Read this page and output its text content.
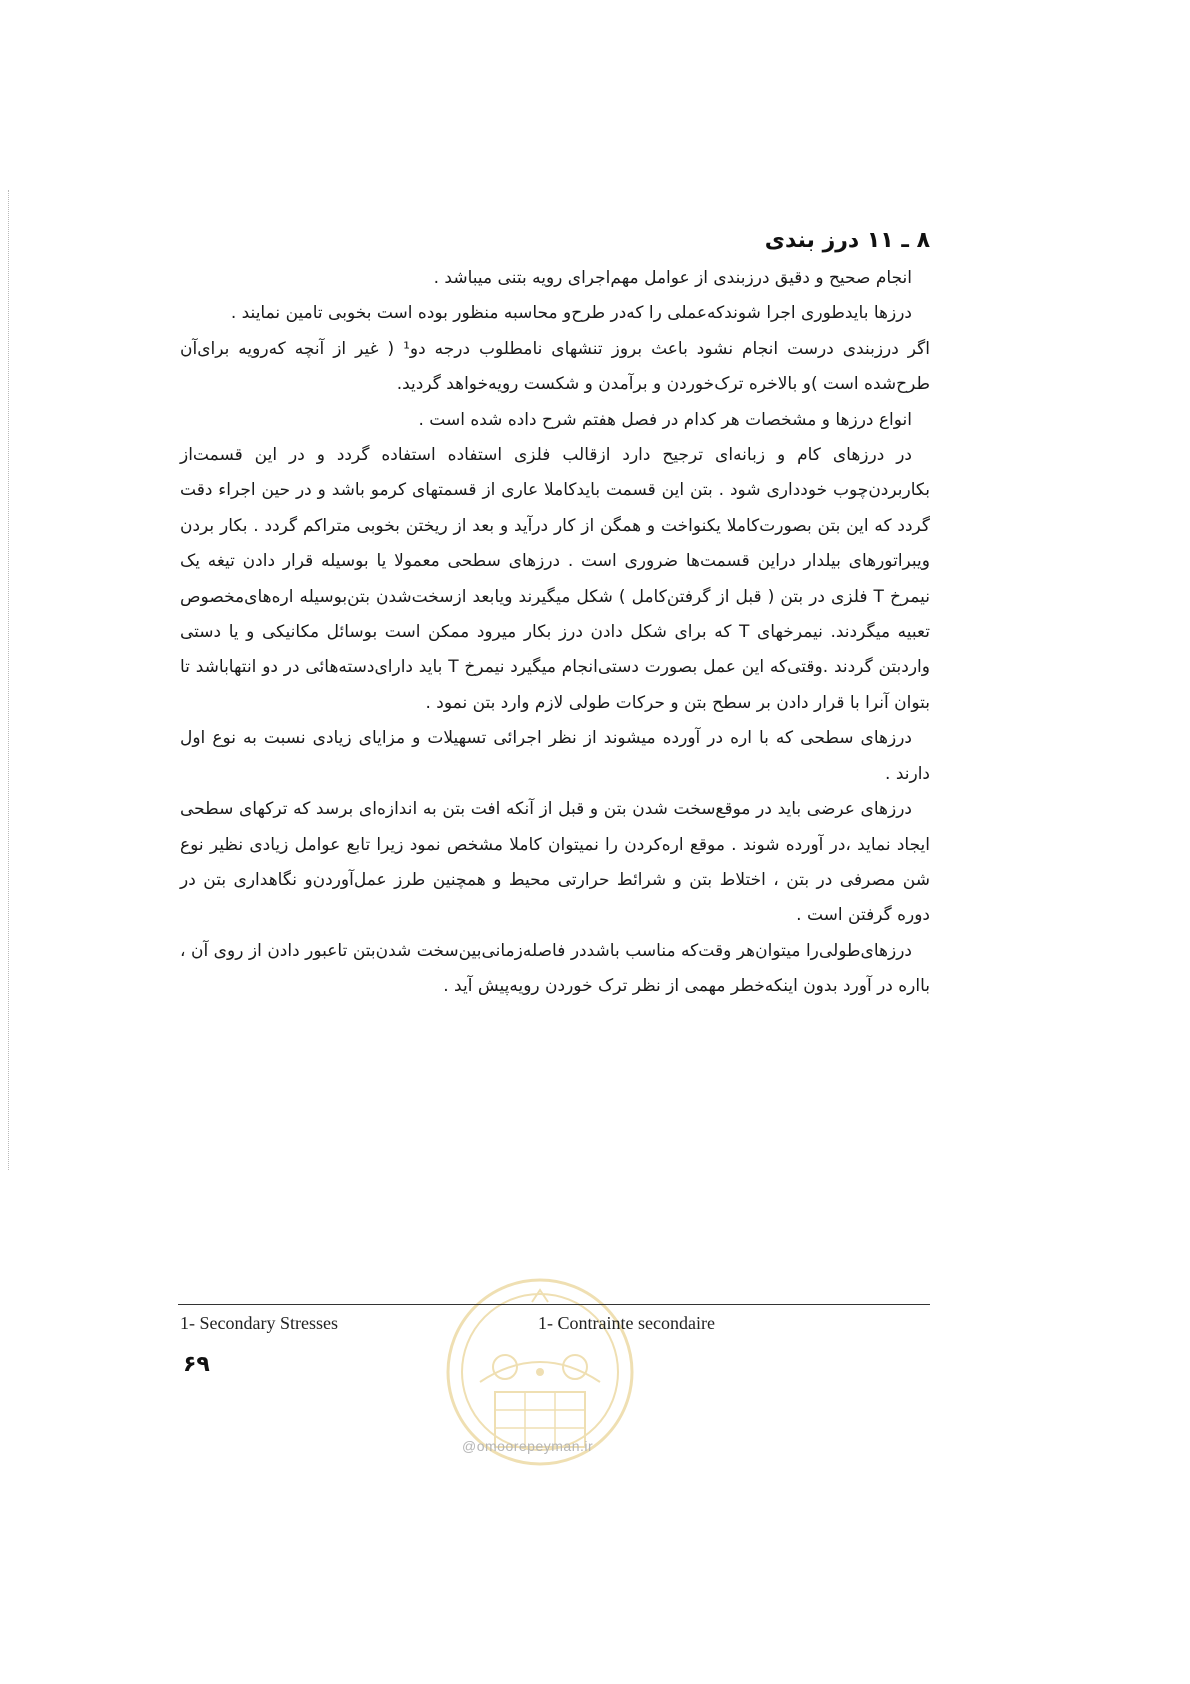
۸ ـ ۱۱ درز بندی

انجام صحیح و دقیق درزبندی از عوامل مهم‌اجرای رویه بتنی میباشد .

درزها بایدطوری اجرا شوندکه‌عملی را که‌در طرح‌و محاسبه منظور بوده است بخوبی تامین نمایند .

اگر درزبندی درست انجام نشود باعث بروز تنشهای نامطلوب درجه دو¹ ( غیر از آنچه که‌رویه برای‌آن طرح‌شده است )و بالاخره ترک‌خوردن و برآمدن و شکست رویه‌خواهد گردید.

انواع درزها و مشخصات هر کدام در فصل هفتم شرح داده شده است .

در درزهای کام و زبانه‌ای ترجیح دارد ازقالب فلزی استفاده استفاده گردد و در این قسمت‌از بکاربردن‌چوب خودداری شود . بتن این قسمت بایدکاملا عاری از قسمتهای کرمو باشد و در حین اجراء دقت گردد که این بتن بصورت‌کاملا یکنواخت و همگن از کار درآید و بعد از ریختن بخوبی متراکم گردد . بکار بردن ویبراتورهای بیلدار دراین قسمت‌ها ضروری است . درزهای سطحی معمولا یا بوسیله قرار دادن تیغه یک نیمرخ T فلزی در بتن ( قبل از گرفتن‌کامل ) شکل میگیرند ویابعد ازسخت‌شدن بتن‌بوسیله اره‌های‌مخصوص تعبیه میگردند. نیمرخهای T که برای شکل دادن درز بکار میرود ممکن است بوسائل مکانیکی و یا دستی واردبتن گردند .وقتی‌که این عمل بصورت دستی‌انجام میگیرد نیمرخ T باید دارای‌دسته‌هائی در دو انتهاباشد تا بتوان آنرا با قرار دادن بر سطح بتن و حرکات طولی لازم وارد بتن نمود .

درزهای سطحی که با اره در آورده میشوند از نظر اجرائی تسهیلات و مزایای زیادی نسبت به نوع اول دارند .

درزهای عرضی باید در موقع‌سخت شدن بتن و قبل از آنکه افت بتن به اندازه‌ای برسد که ترکهای سطحی ایجاد نماید ،در آورده شوند . موقع اره‌کردن را نمیتوان کاملا مشخص نمود زیرا تابع عوامل زیادی نظیر نوع شن مصرفی در بتن ، اختلاط بتن و شرائط حرارتی محیط و همچنین طرز عمل‌آوردن‌و نگاهداری بتن در دوره گرفتن است .

درزهای‌طولی‌را میتوان‌هر وقت‌که مناسب باشددر فاصله‌زمانی‌بین‌سخت شدن‌بتن تاعبور دادن از روی آن ، بااره در آورد بدون اینکه‌خطر مهمی از نظر ترک خوردن رویه‌پیش آید .

1- Secondary Stresses	1- Contrainte secondaire
۶۹
@omoorepeyman.ir
